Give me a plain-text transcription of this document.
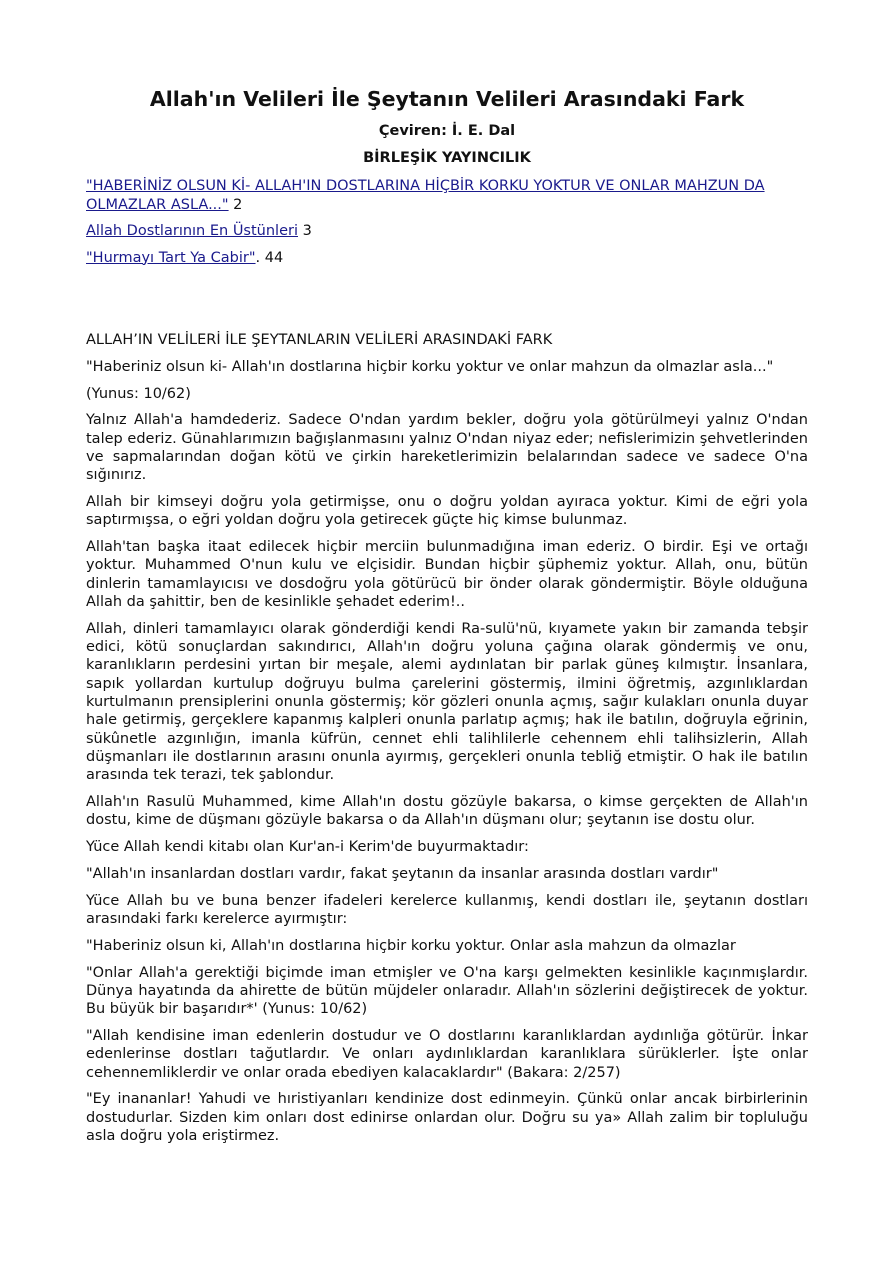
Allah'ın Velileri İle Şeytanın Velileri Arasındaki Fark
Çeviren: İ. E. Dal
BİRLEŞİK YAYINCILIK
"HABERİNİZ OLSUN Kİ- ALLAH'IN DOSTLARINA HİÇBİR KORKU YOKTUR VE ONLAR MAHZUN DA OLMAZLAR ASLA..." 2
Allah Dostlarının En Üstünleri 3
"Hurmayı Tart Ya Cabir". 44
ALLAH’IN VELİLERİ İLE ŞEYTANLARIN VELİLERİ ARASINDAKİ FARK

"Haberiniz olsun ki- Allah'ın dostlarına hiçbir korku yoktur ve onlar mahzun da olmazlar asla..."

(Yunus: 10/62)

Yalnız Allah'a hamdederiz. Sadece O'ndan yardım bekler, doğru yola götürülmeyi yalnız O'ndan talep ederiz. Günahlarımızın bağışlanmasını yalnız O'ndan niyaz eder; nefislerimizin şehvetlerinden ve sapmalarından doğan kötü ve çirkin hareketlerimizin belalarından sadece ve sadece O'na sığınırız.

Allah bir kimseyi doğru yola getirmişse, onu o doğru yoldan ayıraca yoktur. Kimi de eğri yola saptırmışsa, o eğri yoldan doğru yola getirecek güçte hiç kimse bulunmaz.

Allah'tan başka itaat edilecek hiçbir merciin bulunmadığına iman ederiz. O birdir. Eşi ve ortağı yoktur. Muhammed O'nun kulu ve elçisidir. Bundan hiçbir şüphemiz yoktur. Allah, onu, bütün dinlerin tamamlayıcısı ve dosdoğru yola götürücü bir önder olarak göndermiştir. Böyle olduğuna Allah da şahittir, ben de kesinlikle şehadet ederim!..

Allah, dinleri tamamlayıcı olarak gönderdiği kendi Ra-sulü'nü, kıyamete yakın bir zamanda tebşir edici, kötü sonuçlardan sakındırıcı, Allah'ın doğru yoluna çağına olarak göndermiş ve onu, karanlıkların perdesini yırtan bir meşale, alemi aydınlatan bir parlak güneş kılmıştır. İnsanlara, sapık yollardan kurtulup doğruyu bulma çarelerini göstermiş, ilmini öğretmiş, azgınlıklardan kurtulmanın prensiplerini onunla göstermiş; kör gözleri onunla açmış, sağır kulakları onunla duyar hale getirmiş, gerçeklere kapanmış kalpleri onunla parlatıp açmış; hak ile batılın, doğruyla eğrinin, sükûnetle azgınlığın, imanla küfrün, cennet ehli talihlilerle cehennem ehli talihsizlerin, Allah düşmanları ile dostlarının arasını onunla ayırmış, gerçekleri onunla tebliğ etmiştir. O hak ile batılın arasında tek terazi, tek şablondur.

Allah'ın Rasulü Muhammed, kime Allah'ın dostu gözüyle bakarsa, o kimse gerçekten de Allah'ın dostu, kime de düşmanı gözüyle bakarsa o da Allah'ın düşmanı olur; şeytanın ise dostu olur.

Yüce Allah kendi kitabı olan Kur'an-i Kerim'de buyurmaktadır:

"Allah'ın insanlardan dostları vardır, fakat şeytanın da insanlar arasında dostları vardır"

Yüce Allah bu ve buna benzer ifadeleri kerelerce kullanmış, kendi dostları ile, şeytanın dostları arasındaki farkı kerelerce ayırmıştır:

"Haberiniz olsun ki, Allah'ın dostlarına hiçbir korku yoktur. Onlar asla mahzun da olmazlar

"Onlar Allah'a gerektiği biçimde iman etmişler ve O'na karşı gelmekten kesinlikle kaçınmışlardır. Dünya hayatında da ahirette de bütün müjdeler onlaradır. Allah'ın sözlerini değiştirecek de yoktur. Bu büyük bir başarıdır*' (Yunus: 10/62)

"Allah kendisine iman edenlerin dostudur ve O dostlarını karanlıklardan aydınlığa götürür. İnkar edenlerinse dostları tağutlardır. Ve onları aydınlıklardan karanlıklara sürüklerler. İşte onlar cehennemliklerdir ve onlar orada ebediyen kalacaklardır" (Bakara: 2/257)

"Ey inananlar! Yahudi ve hıristiyanları kendinize dost edinmeyin. Çünkü onlar ancak birbirlerinin dostudurlar. Sizden kim onları dost edinirse onlardan olur. Doğru su ya» Allah zalim bir topluluğu asla doğru yola eriştirmez.
